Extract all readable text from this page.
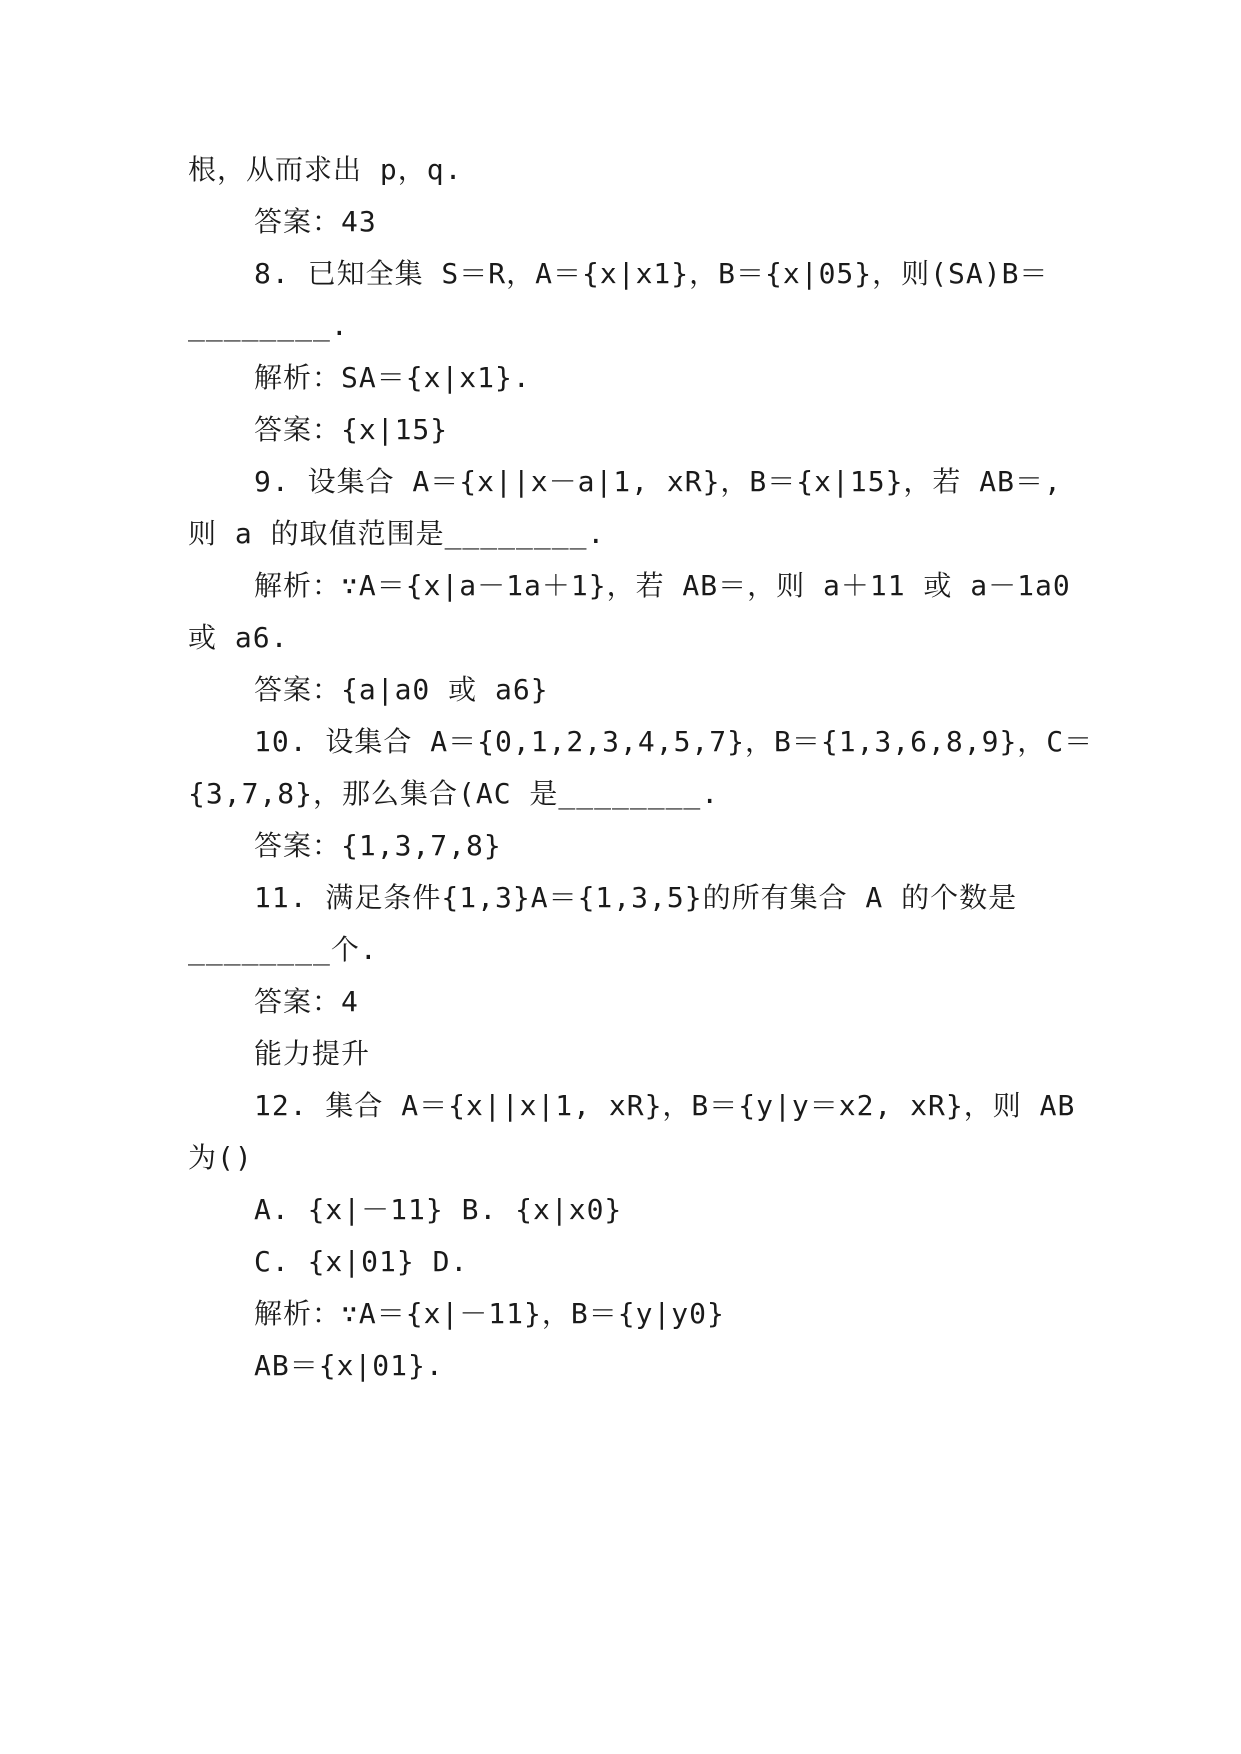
根，从而求出 p，q.
答案：43
8. 已知全集 S＝R，A＝{x|x1}，B＝{x|05}，则(SA)B＝
________.
解析：SA＝{x|x1}.
答案：{x|15}
9. 设集合 A＝{x||x－a|1, xR}，B＝{x|15}，若 AB＝,
则 a 的取值范围是________.
解析：∵A＝{x|a－1a＋1}，若 AB＝，则 a＋11 或 a－1a0
或 a6.
答案：{a|a0 或 a6}
10. 设集合 A＝{0,1,2,3,4,5,7}，B＝{1,3,6,8,9}，C＝
{3,7,8}，那么集合(AC 是________.
答案：{1,3,7,8}
11. 满足条件{1,3}A＝{1,3,5}的所有集合 A 的个数是
________个.
答案：4
能力提升
12. 集合 A＝{x||x|1, xR}，B＝{y|y＝x2, xR}，则 AB
为()
A. {x|－11} B. {x|x0}
C. {x|01} D.
解析：∵A＝{x|－11}，B＝{y|y0}
AB＝{x|01}.
